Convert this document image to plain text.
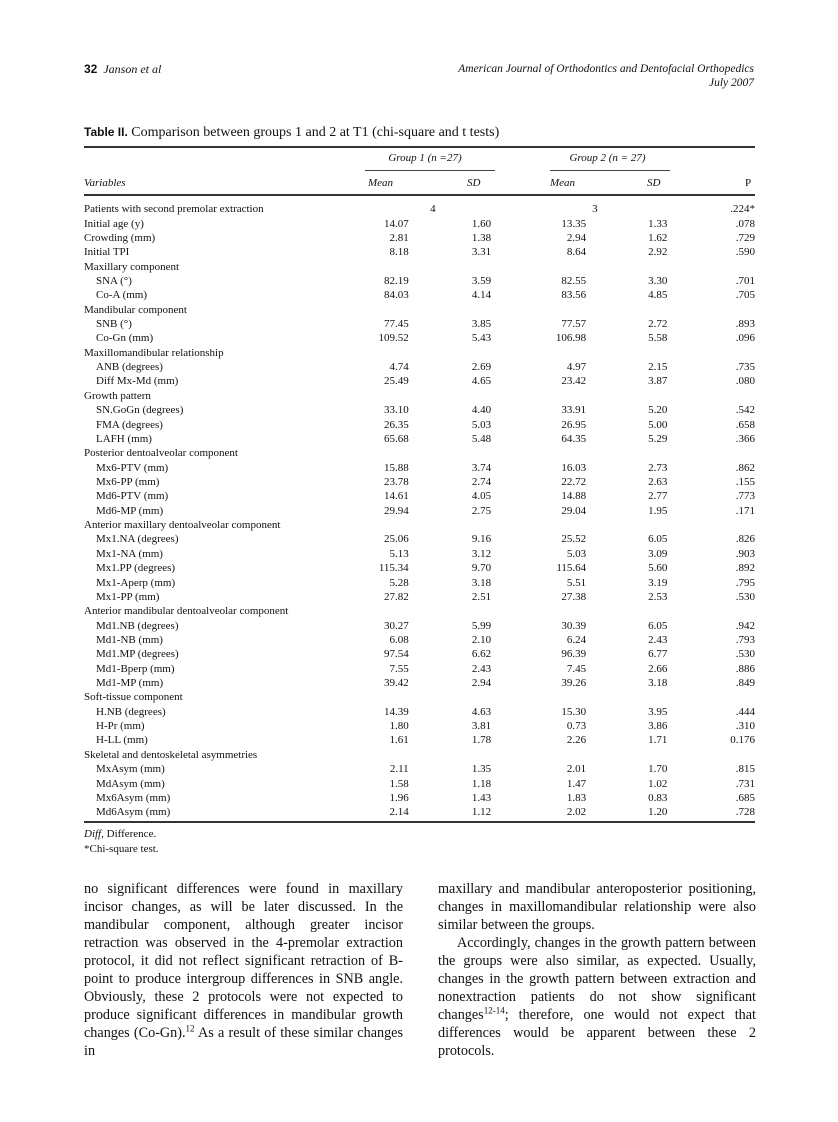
32 Janson et al	American Journal of Orthodontics and Dentofacial Orthopedics
July 2007
Table II. Comparison between groups 1 and 2 at T1 (chi-square and t tests)
Group 1 (n =27)	Group 2 (n = 27)
Variables	Mean	SD	Mean	SD	P
Patients with second premolar extraction	4		3		.224*
Initial age (y)	14.07	1.60	13.35	1.33	.078
Crowding (mm)	2.81	1.38	2.94	1.62	.729
Initial TPI	8.18	3.31	8.64	2.92	.590
Maxillary component					
SNA (°)	82.19	3.59	82.55	3.30	.701
Co-A (mm)	84.03	4.14	83.56	4.85	.705
Mandibular component					
SNB (°)	77.45	3.85	77.57	2.72	.893
Co-Gn (mm)	109.52	5.43	106.98	5.58	.096
Maxillomandibular relationship					
ANB (degrees)	4.74	2.69	4.97	2.15	.735
Diff Mx-Md (mm)	25.49	4.65	23.42	3.87	.080
Growth pattern					
SN.GoGn (degrees)	33.10	4.40	33.91	5.20	.542
FMA (degrees)	26.35	5.03	26.95	5.00	.658
LAFH (mm)	65.68	5.48	64.35	5.29	.366
Posterior dentoalveolar component					
Mx6-PTV (mm)	15.88	3.74	16.03	2.73	.862
Mx6-PP (mm)	23.78	2.74	22.72	2.63	.155
Md6-PTV (mm)	14.61	4.05	14.88	2.77	.773
Md6-MP (mm)	29.94	2.75	29.04	1.95	.171
Anterior maxillary dentoalveolar component					
Mx1.NA (degrees)	25.06	9.16	25.52	6.05	.826
Mx1-NA (mm)	5.13	3.12	5.03	3.09	.903
Mx1.PP (degrees)	115.34	9.70	115.64	5.60	.892
Mx1-Aperp (mm)	5.28	3.18	5.51	3.19	.795
Mx1-PP (mm)	27.82	2.51	27.38	2.53	.530
Anterior mandibular dentoalveolar component					
Md1.NB (degrees)	30.27	5.99	30.39	6.05	.942
Md1-NB (mm)	6.08	2.10	6.24	2.43	.793
Md1.MP (degrees)	97.54	6.62	96.39	6.77	.530
Md1-Bperp (mm)	7.55	2.43	7.45	2.66	.886
Md1-MP (mm)	39.42	2.94	39.26	3.18	.849
Soft-tissue component					
H.NB (degrees)	14.39	4.63	15.30	3.95	.444
H-Pr (mm)	1.80	3.81	0.73	3.86	.310
H-LL (mm)	1.61	1.78	2.26	1.71	0.176
Skeletal and dentoskeletal asymmetries					
MxAsym (mm)	2.11	1.35	2.01	1.70	.815
MdAsym (mm)	1.58	1.18	1.47	1.02	.731
Mx6Asym (mm)	1.96	1.43	1.83	0.83	.685
Md6Asym (mm)	2.14	1.12	2.02	1.20	.728
Diff, Difference.
*Chi-square test.

no significant differences were found in maxillary incisor changes, as will be later discussed. In the mandibular component, although greater incisor retraction was observed in the 4-premolar extraction protocol, it did not reflect significant retraction of B-point to produce intergroup differences in SNB angle. Obviously, these 2 protocols were not expected to produce significant differences in mandibular growth changes (Co-Gn).$^{12}$ As a result of these similar changes in

maxillary and mandibular anteroposterior positioning, changes in maxillomandibular relationship were also similar between the groups.

Accordingly, changes in the growth pattern between the groups were also similar, as expected. Usually, changes in the growth pattern between extraction and nonextraction patients do not show significant changes$^{12-14}$; therefore, one would not expect that differences would be apparent between these 2 protocols.
